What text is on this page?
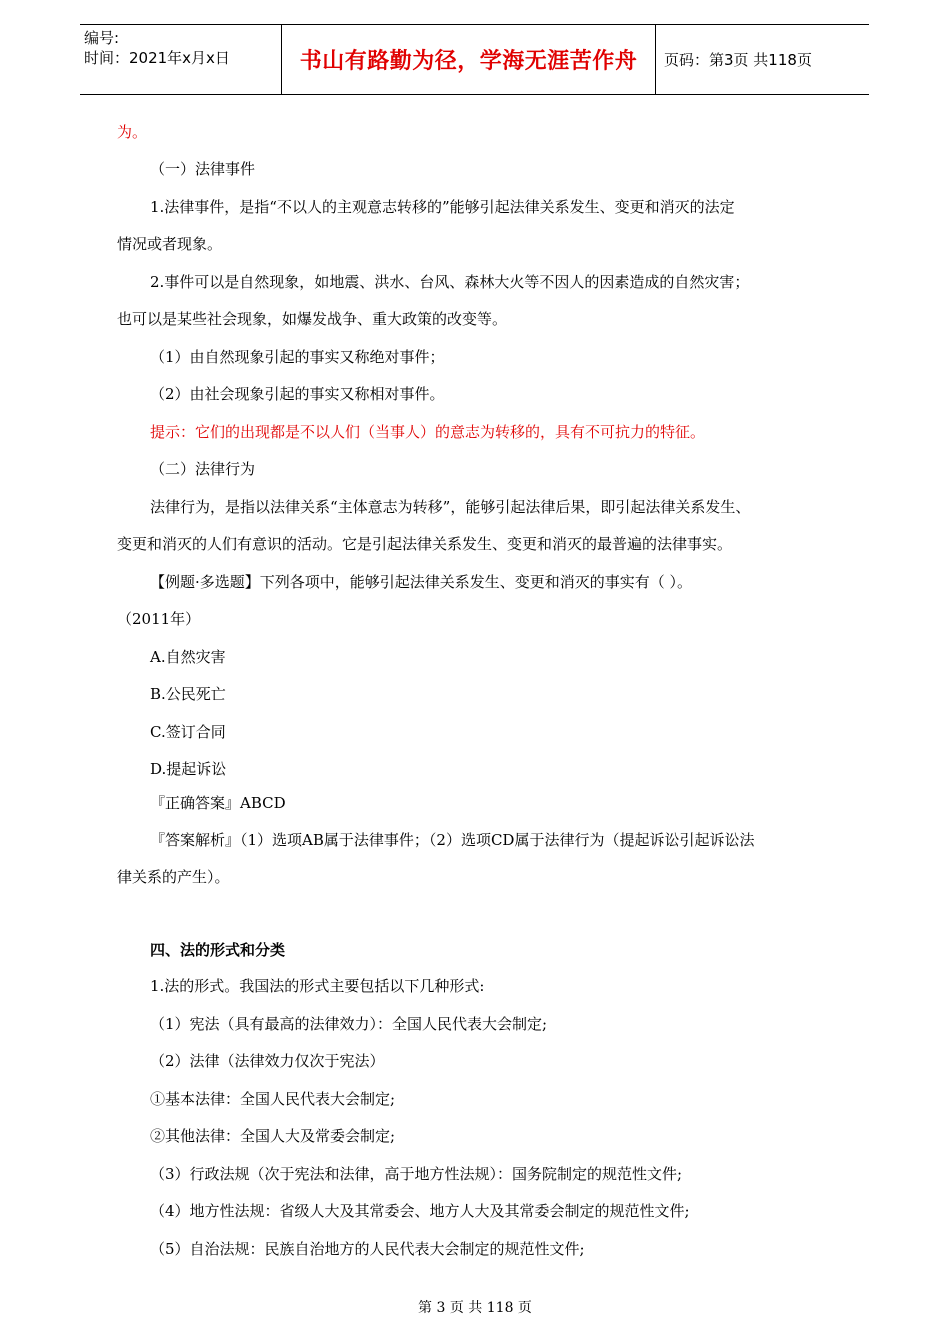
编号:
时间：2021年x月x日	书山有路勤为径，学海无涯苦作舟	页码：第3页 共118页
为。
（一）法律事件
1.法律事件，是指“不以人的主观意志转移的”能够引起法律关系发生、变更和消灭的法定
情况或者现象。
2.事件可以是自然现象，如地震、洪水、台风、森林大火等不因人的因素造成的自然灾害；
也可以是某些社会现象，如爆发战争、重大政策的改变等。
（1）由自然现象引起的事实又称绝对事件；
（2）由社会现象引起的事实又称相对事件。
提示：它们的出现都是不以人们（当事人）的意志为转移的，具有不可抗力的特征。
（二）法律行为
法律行为，是指以法律关系“主体意志为转移”，能够引起法律后果，即引起法律关系发生、
变更和消灭的人们有意识的活动。它是引起法律关系发生、变更和消灭的最普遍的法律事实。
【例题·多选题】下列各项中，能够引起法律关系发生、变更和消灭的事实有（ ）。
（2011年）
A.自然灾害
B.公民死亡
C.签订合同
D.提起诉讼
『正确答案』ABCD
『答案解析』（1）选项AB属于法律事件；（2）选项CD属于法律行为（提起诉讼引起诉讼法
律关系的产生）。
四、法的形式和分类
1.法的形式。我国法的形式主要包括以下几种形式:
（1）宪法（具有最高的法律效力）：全国人民代表大会制定;
（2）法律（法律效力仅次于宪法）
①基本法律：全国人民代表大会制定;
②其他法律：全国人大及常委会制定;
（3）行政法规（次于宪法和法律，高于地方性法规）：国务院制定的规范性文件;
（4）地方性法规：省级人大及其常委会、地方人大及其常委会制定的规范性文件;
（5）自治法规：民族自治地方的人民代表大会制定的规范性文件;
第 3 页 共 118 页
